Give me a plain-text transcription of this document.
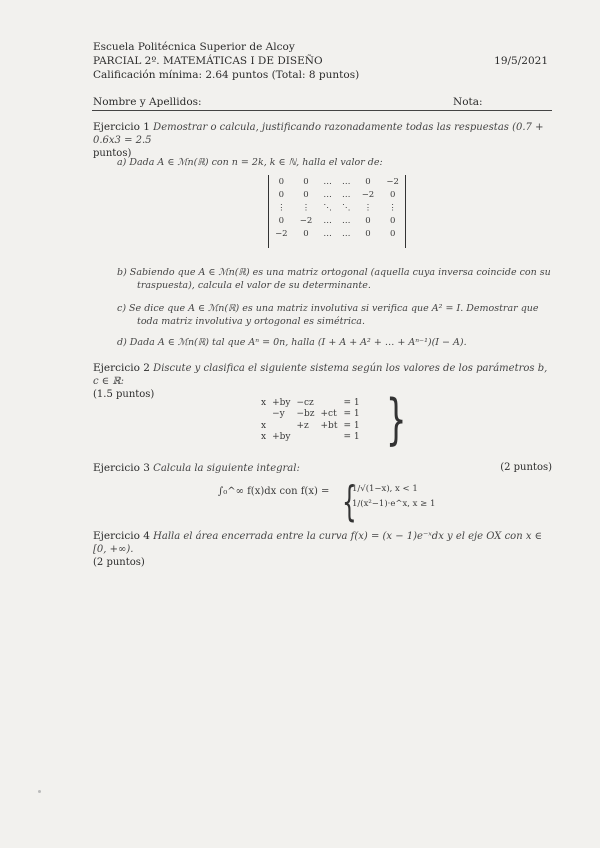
Escuela Politécnica Superior de Alcoy
PARCIAL 2º. MATEMÁTICAS I DE DISEÑO	19/5/2021
Calificación mínima: 2.64 puntos (Total: 8 puntos)
Nombre y Apellidos:	Nota:
Ejercicio 1 Demostrar o calcula, justificando razonadamente todas las respuestas (0.7 + 0.6x3 = 2.5
puntos)
a) Dada A ∈ ℳn(ℝ) con n = 2k, k ∈ ℕ, halla el valor de:
0	0	…	…	0	−2
0	0	…	…	−2	0
⋮	⋮	⋱	⋱	⋮	⋮
0	−2	…	…	0	0
−2	0	…	…	0	0
b) Sabiendo que A ∈ ℳn(ℝ) es una matriz ortogonal (aquella cuya inversa coincide con su
traspuesta), calcula el valor de su determinante.
c) Se dice que A ∈ ℳn(ℝ) es una matriz involutiva si verifica que A² = I. Demostrar que
toda matriz involutiva y ortogonal es simétrica.
d) Dada A ∈ ℳn(ℝ) tal que Aⁿ = 0n, halla (I + A + A² + … + Aⁿ⁻¹)(I − A).
Ejercicio 2 Discute y clasifica el siguiente sistema según los valores de los parámetros b, c ∈ ℝ:
(1.5 puntos)
x	+by	−cz		= 1
	−y	−bz	+ct	= 1
x		+z	+bt	= 1
x	+by			= 1 }
Ejercicio 3 Calcula la siguiente integral:	(2 puntos)
∫₀^∞ f(x)dx con f(x) = {
1/√(1−x), x < 1
1/(x²−1)·e^x, x ≥ 1
Ejercicio 4 Halla el área encerrada entre la curva f(x) = (x − 1)e⁻ˣdx y el eje OX con x ∈ [0, +∞).
(2 puntos)
